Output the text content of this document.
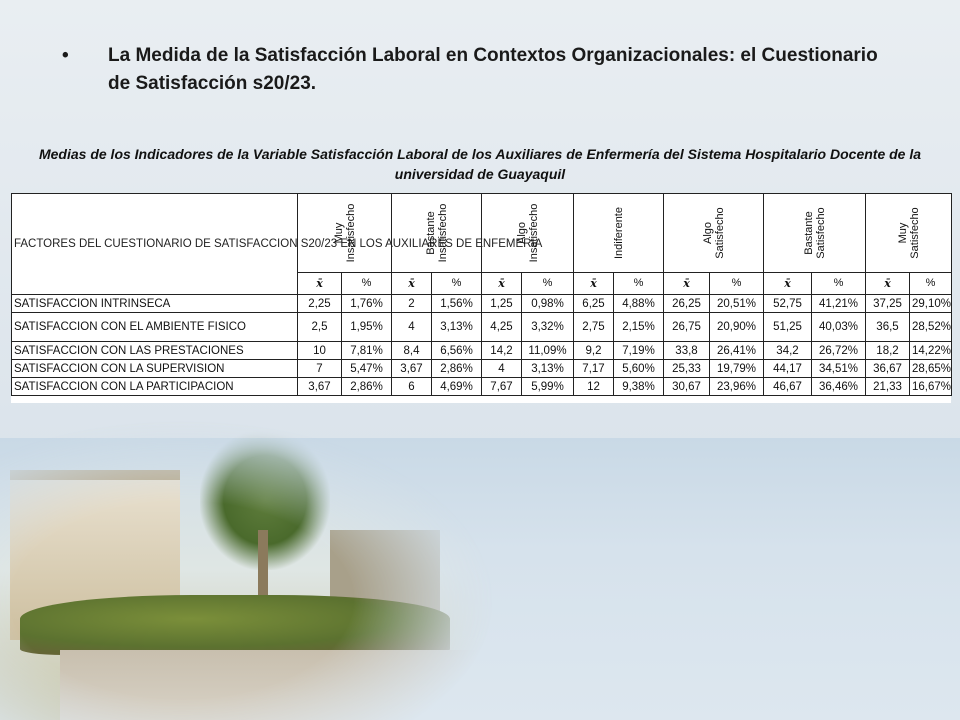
• La Medida de la Satisfacción Laboral en Contextos Organizacionales: el Cuestionario de Satisfacción s20/23.
Medias de los Indicadores de la Variable Satisfacción Laboral de los Auxiliares de Enfermería del Sistema Hospitalario Docente de la universidad de Guayaquil
FACTORES DEL CUESTIONARIO DE SATISFACCION S20/23 EN LOS AUXILIARES DE ENFEMERIA	Muy Insatisfecho		Bastante Insatisfecho		Algo Insatisfecho		Indiferente		Algo Satisfecho		Bastante Satisfecho		Muy Satisfecho	

	x̄	%	x̄	%	x̄	%	x̄	%	x̄	%	x̄	%	x̄	%
SATISFACCION INTRINSECA	2,25	1,76%	2	1,56%	1,25	0,98%	6,25	4,88%	26,25	20,51%	52,75	41,21%	37,25	29,10%
SATISFACCION CON EL AMBIENTE FISICO	2,5	1,95%	4	3,13%	4,25	3,32%	2,75	2,15%	26,75	20,90%	51,25	40,03%	36,5	28,52%
SATISFACCION CON LAS PRESTACIONES	10	7,81%	8,4	6,56%	14,2	11,09%	9,2	7,19%	33,8	26,41%	34,2	26,72%	18,2	14,22%
SATISFACCION CON LA SUPERVISION	7	5,47%	3,67	2,86%	4	3,13%	7,17	5,60%	25,33	19,79%	44,17	34,51%	36,67	28,65%
SATISFACCION CON LA PARTICIPACION	3,67	2,86%	6	4,69%	7,67	5,99%	12	9,38%	30,67	23,96%	46,67	36,46%	21,33	16,67%
